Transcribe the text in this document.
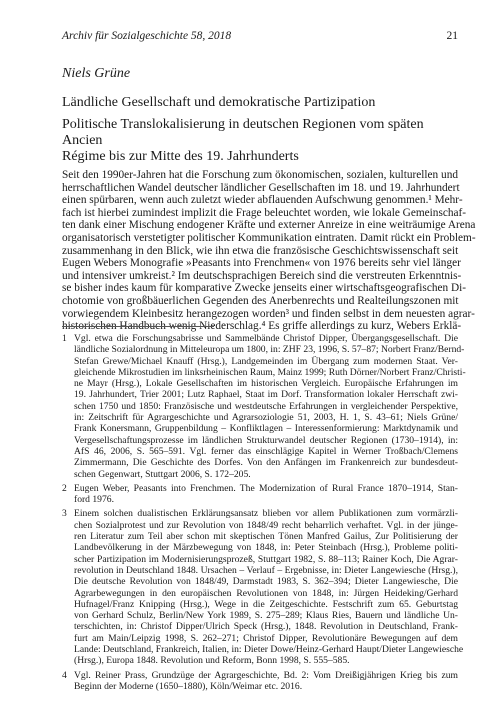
Archiv für Sozialgeschichte 58, 2018	21
Niels Grüne
Ländliche Gesellschaft und demokratische Partizipation
Politische Translokalisierung in deutschen Regionen vom späten Ancien
Régime bis zur Mitte des 19. Jahrhunderts
Seit den 1990er-Jahren hat die Forschung zum ökonomischen, sozialen, kulturellen und
herrschaftlichen Wandel deutscher ländlicher Gesellschaften im 18. und 19. Jahrhundert
einen spürbaren, wenn auch zuletzt wieder abflauenden Aufschwung genommen.¹ Mehr-
fach ist hierbei zumindest implizit die Frage beleuchtet worden, wie lokale Gemeinschaf-
ten dank einer Mischung endogener Kräfte und externer Anreize in eine weiträumige Arena
organisatorisch verstetigter politischer Kommunikation eintraten. Damit rückt ein Problem-
zusammenhang in den Blick, wie ihn etwa die französische Geschichtswissenschaft seit
Eugen Webers Monografie »Peasants into Frenchmen« von 1976 bereits sehr viel länger
und intensiver umkreist.² Im deutschsprachigen Bereich sind die verstreuten Erkenntnis-
se bisher indes kaum für komparative Zwecke jenseits einer wirtschaftsgeografischen Di-
chotomie von großbäuerlichen Gegenden des Anerbenrechts und Realteilungszonen mit
vorwiegendem Kleinbesitz herangezogen worden³ und finden selbst in dem neuesten agrar-
historischen Handbuch wenig Niederschlag.⁴ Es griffe allerdings zu kurz, Webers Erklä-
1 Vgl. etwa die Forschungsabrisse und Sammelbände Christof Dipper, Übergangsgesellschaft. Die
ländliche Sozialordnung in Mitteleuropa um 1800, in: ZHF 23, 1996, S. 57–87; Norbert Franz/Bernd-
Stefan Grewe/Michael Knauff (Hrsg.), Landgemeinden im Übergang zum modernen Staat. Ver-
gleichende Mikrostudien im linksrheinischen Raum, Mainz 1999; Ruth Dörner/Norbert Franz/Christi-
ne Mayr (Hrsg.), Lokale Gesellschaften im historischen Vergleich. Europäische Erfahrungen im
19. Jahrhundert, Trier 2001; Lutz Raphael, Staat im Dorf. Transformation lokaler Herrschaft zwi-
schen 1750 und 1850: Französische und westdeutsche Erfahrungen in vergleichender Perspektive,
in: Zeitschrift für Agrargeschichte und Agrarsoziologie 51, 2003, H. 1, S. 43–61; Niels Grüne/
Frank Konersmann, Gruppenbildung – Konfliktlagen – Interessenformierung: Marktdynamik und
Vergesellschaftungsprozesse im ländlichen Strukturwandel deutscher Regionen (1730–1914), in:
AfS 46, 2006, S. 565–591. Vgl. ferner das einschlägige Kapitel in Werner Troßbach/Clemens
Zimmermann, Die Geschichte des Dorfes. Von den Anfängen im Frankenreich zur bundesdeut-
schen Gegenwart, Stuttgart 2006, S. 172–205.
2 Eugen Weber, Peasants into Frenchmen. The Modernization of Rural France 1870–1914, Stan-
ford 1976.
3 Einem solchen dualistischen Erklärungsansatz blieben vor allem Publikationen zum vormärzli-
chen Sozialprotest und zur Revolution von 1848/49 recht beharrlich verhaftet. Vgl. in der jünge-
ren Literatur zum Teil aber schon mit skeptischen Tönen Manfred Gailus, Zur Politisierung der
Landbevölkerung in der Märzbewegung von 1848, in: Peter Steinbach (Hrsg.), Probleme politi-
scher Partizipation im Modernisierungsprozeß, Stuttgart 1982, S. 88–113; Rainer Koch, Die Agrar-
revolution in Deutschland 1848. Ursachen – Verlauf – Ergebnisse, in: Dieter Langewiesche (Hrsg.),
Die deutsche Revolution von 1848/49, Darmstadt 1983, S. 362–394; Dieter Langewiesche, Die
Agrarbewegungen in den europäischen Revolutionen von 1848, in: Jürgen Heideking/Gerhard
Hufnagel/Franz Knipping (Hrsg.), Wege in die Zeitgeschichte. Festschrift zum 65. Geburtstag
von Gerhard Schulz, Berlin/New York 1989, S. 275–289; Klaus Ries, Bauern und ländliche Un-
terschichten, in: Christof Dipper/Ulrich Speck (Hrsg.), 1848. Revolution in Deutschland, Frank-
furt am Main/Leipzig 1998, S. 262–271; Christof Dipper, Revolutionäre Bewegungen auf dem
Lande: Deutschland, Frankreich, Italien, in: Dieter Dowe/Heinz-Gerhard Haupt/Dieter Langewiesche
(Hrsg.), Europa 1848. Revolution und Reform, Bonn 1998, S. 555–585.
4 Vgl. Reiner Prass, Grundzüge der Agrargeschichte, Bd. 2: Vom Dreißigjährigen Krieg bis zum
Beginn der Moderne (1650–1880), Köln/Weimar etc. 2016.
